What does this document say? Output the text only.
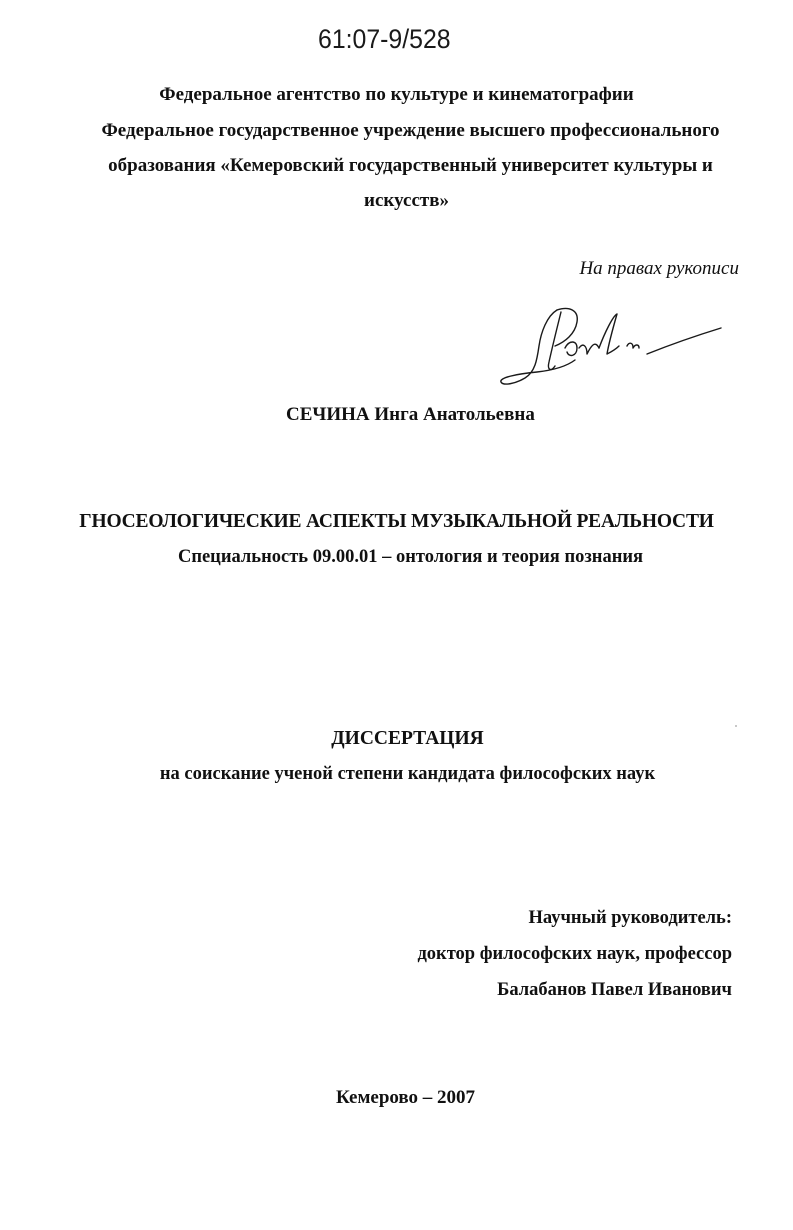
61:07-9/528
Федеральное агентство по культуре и кинематографии
Федеральное государственное учреждение высшего профессионального
образования «Кемеровский государственный университет культуры и
искусств»
На правах рукописи
СЕЧИНА Инга Анатольевна
ГНОСЕОЛОГИЧЕСКИЕ АСПЕКТЫ МУЗЫКАЛЬНОЙ РЕАЛЬНОСТИ
Специальность 09.00.01 – онтология и теория познания
ДИССЕРТАЦИЯ
на соискание ученой степени кандидата философских наук
Научный руководитель:
доктор философских наук, профессор
Балабанов Павел Иванович
Кемерово – 2007
